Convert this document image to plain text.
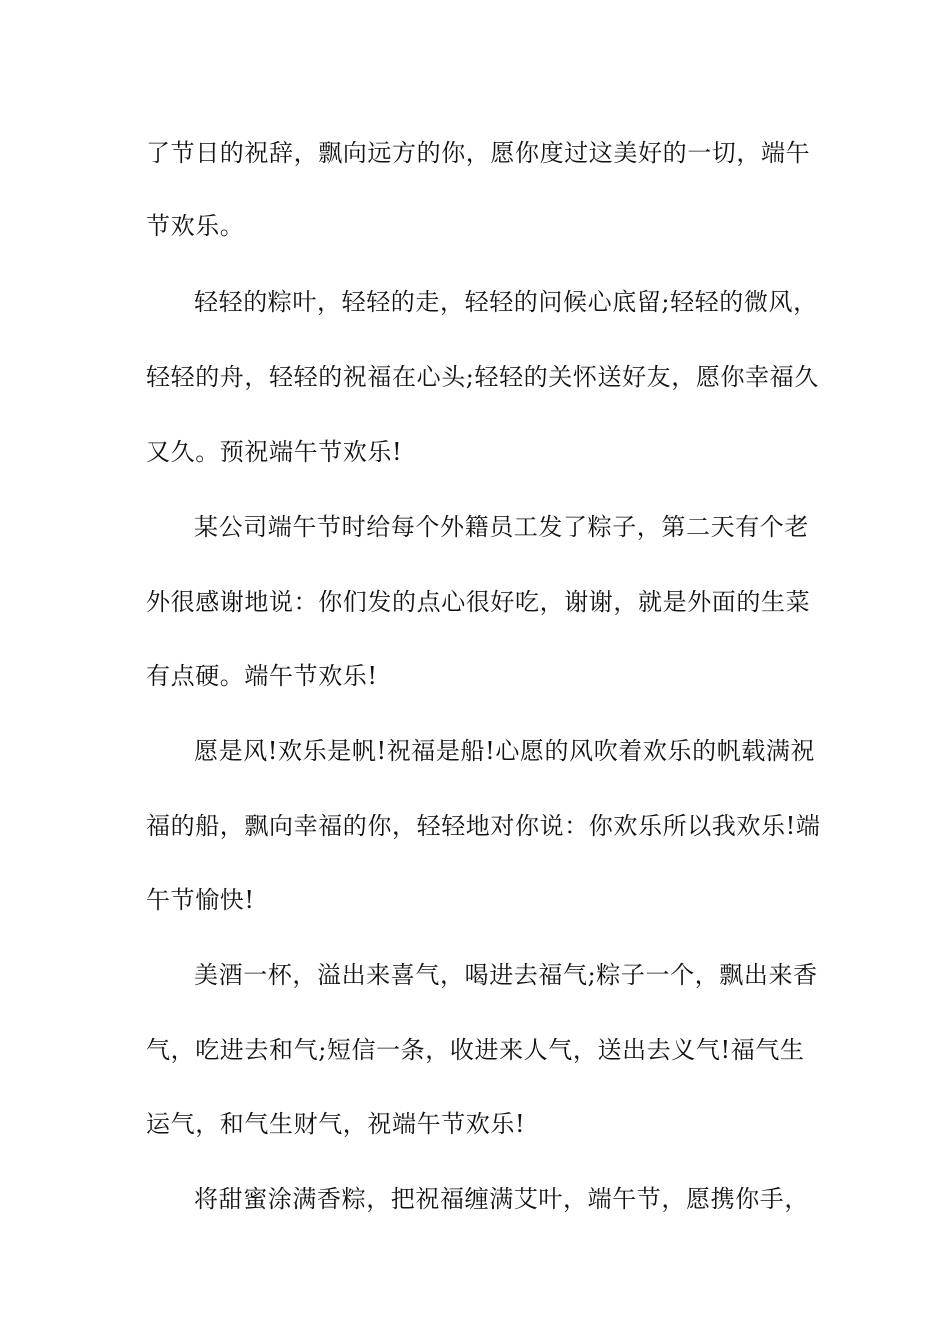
了节日的祝辞，飘向远方的你，愿你度过这美好的一切，端午
节欢乐。
轻轻的粽叶，轻轻的走，轻轻的问候心底留;轻轻的微风，
轻轻的舟，轻轻的祝福在心头;轻轻的关怀送好友，愿你幸福久
又久。预祝端午节欢乐!
某公司端午节时给每个外籍员工发了粽子，第二天有个老
外很感谢地说：你们发的点心很好吃，谢谢，就是外面的生菜
有点硬。端午节欢乐!
愿是风!欢乐是帆!祝福是船!心愿的风吹着欢乐的帆载满祝
福的船，飘向幸福的你，轻轻地对你说：你欢乐所以我欢乐!端
午节愉快!
美酒一杯，溢出来喜气，喝进去福气;粽子一个，飘出来香
气，吃进去和气;短信一条，收进来人气，送出去义气!福气生
运气，和气生财气，祝端午节欢乐!
将甜蜜涂满香粽，把祝福缠满艾叶，端午节，愿携你手，
